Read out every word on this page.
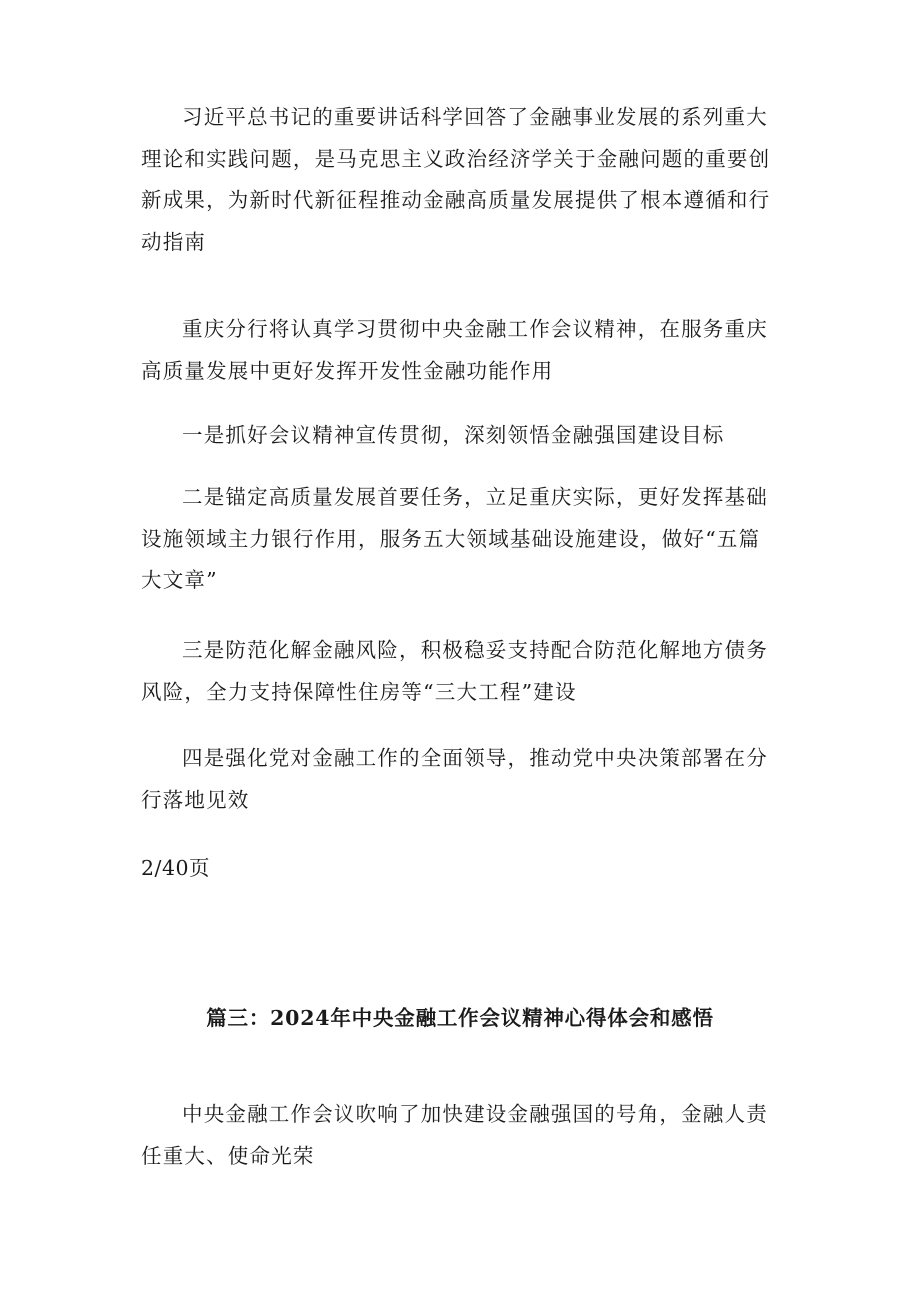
习近平总书记的重要讲话科学回答了金融事业发展的系列重大理论和实践问题，是马克思主义政治经济学关于金融问题的重要创新成果，为新时代新征程推动金融高质量发展提供了根本遵循和行动指南

重庆分行将认真学习贯彻中央金融工作会议精神，在服务重庆高质量发展中更好发挥开发性金融功能作用

一是抓好会议精神宣传贯彻，深刻领悟金融强国建设目标

二是锚定高质量发展首要任务，立足重庆实际，更好发挥基础设施领域主力银行作用，服务五大领域基础设施建设，做好“五篇大文章”

三是防范化解金融风险，积极稳妥支持配合防范化解地方债务风险，全力支持保障性住房等“三大工程”建设

四是强化党对金融工作的全面领导，推动党中央决策部署在分行落地见效

2/40页

篇三：2024年中央金融工作会议精神心得体会和感悟

中央金融工作会议吹响了加快建设金融强国的号角，金融人责任重大、使命光荣
